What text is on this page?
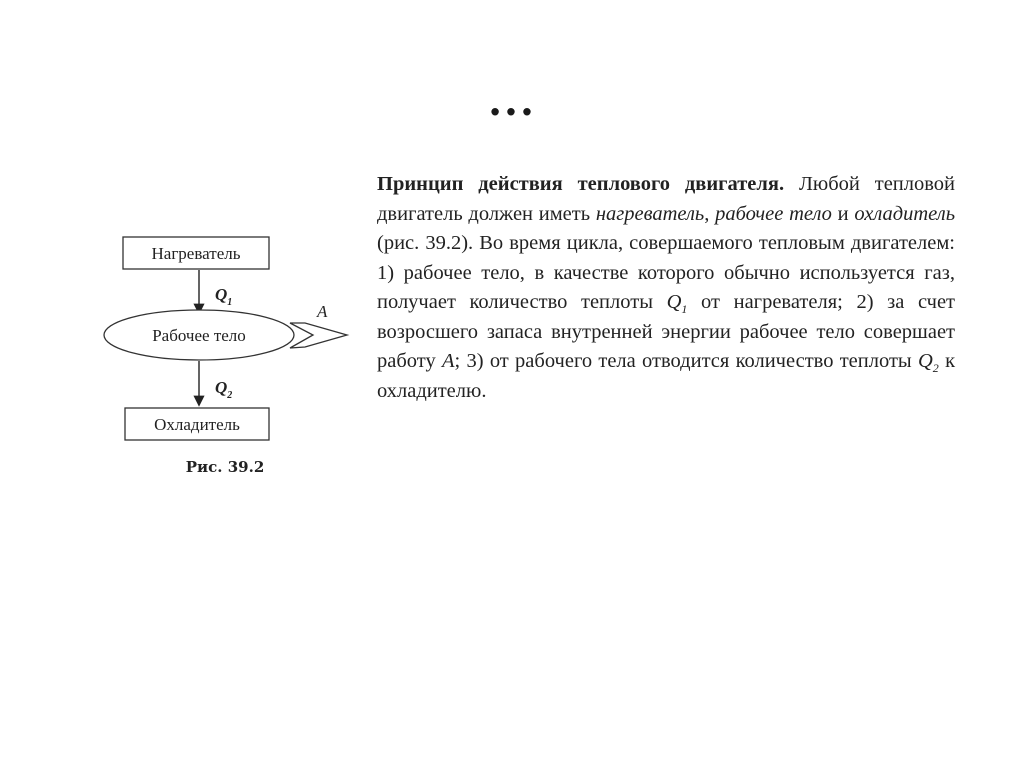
...
Нагреватель
$Q_1$
Рабочее тело
A
$Q_2$
Охладитель
Рис. 39.2
Принцип действия теплового двигателя. Любой тепловой двигатель должен иметь нагреватель, рабочее тело и охладитель (рис. 39.2). Во время цикла, совершаемого тепловым двигателем: 1) рабочее тело, в качестве которого обычно используется газ, получает количество теплоты $Q_1$ от нагревателя; 2) за счет возросшего запаса внутренней энергии рабочее тело совершает работу A; 3) от рабочего тела отводится количество теплоты $Q_2$ к охладителю.
